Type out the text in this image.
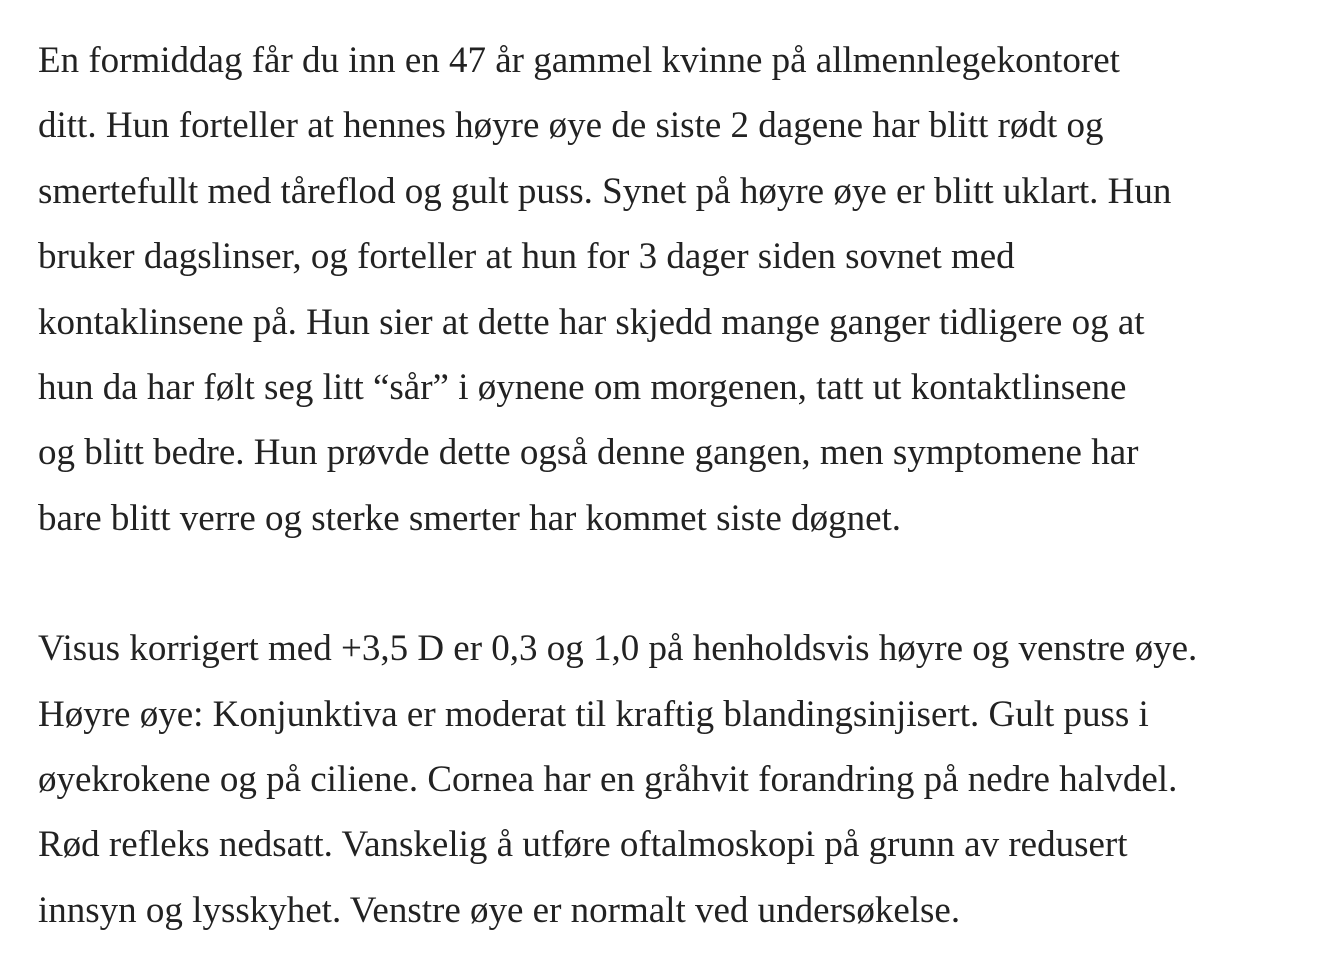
En formiddag får du inn en 47 år gammel kvinne på allmennlegekontoret
ditt. Hun forteller at hennes høyre øye de siste 2 dagene har blitt rødt og
smertefullt med tåreflod og gult puss. Synet på høyre øye er blitt uklart. Hun
bruker dagslinser, og forteller at hun for 3 dager siden sovnet med
kontaklinsene på. Hun sier at dette har skjedd mange ganger tidligere og at
hun da har følt seg litt “sår” i øynene om morgenen, tatt ut kontaktlinsene
og blitt bedre. Hun prøvde dette også denne gangen, men symptomene har
bare blitt verre og sterke smerter har kommet siste døgnet.

Visus korrigert med +3,5 D er 0,3 og 1,0 på henholdsvis høyre og venstre øye.
Høyre øye: Konjunktiva er moderat til kraftig blandingsinjisert. Gult puss i
øyekrokene og på ciliene. Cornea har en gråhvit forandring på nedre halvdel.
Rød refleks nedsatt. Vanskelig å utføre oftalmoskopi på grunn av redusert
innsyn og lysskyhet. Venstre øye er normalt ved undersøkelse.
